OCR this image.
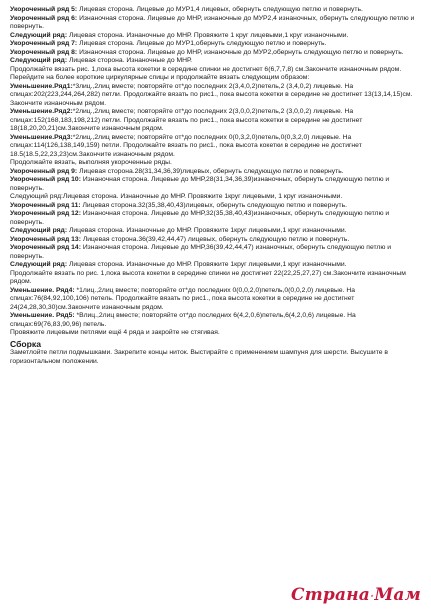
Укороченный ряд 5: Лицевая сторона. Лицевые до МУР1,4 лицевых, обернуть следующую петлю и повернуть.

Укороченный ряд 6: Изнаночная сторона. Лицевые до МНР, изнаночные до МУР2,4 изнаночных, обернуть следующую петлю и повернуть.

Следующий ряд: Лицевая сторона. Изнаночные до МНР. Провяжите 1 круг лицевыми,1 круг изнаночными.

Укороченный ряд 7: Лицевая сторона. Лицевые до МУР1,обернуть следующую петлю и повернуть.

Укороченный ряд 8: Изнаночная сторона. Лицевые до МНР, изнаночные до МУР2,обернуть следующую петлю и повернуть.

Следующий ряд: Лицевая сторона. Изнаночные до МНР.

Продолжайте вязать рис. 1,пока высота кокетки в середине спинки не достигнет 6(6,7,7,8) см.Закончите изнаночным рядом.

Перейдите на более короткие циркулярные спицы и продолжайте вязать следующим образом:

Уменьшение.Ряд1:*3лиц.,2лиц вместе; повторяйте от*до последних 2(3,4,0,2)петель,2 (3,4,0,2) лицевые. На спицах:202(223,244,264,282) петли. Продолжайте вязать по рис1., пока высота кокетки в середине не достигнет 13(13,14,15)см. Закончите изнаночным рядом.

Уменьшение.Ряд2:*2лиц.,2лиц вместе; повторяйте от*до последних 2(3,0,0,2)петель,2 (3,0,0,2) лицевые. На спицах:152(168,183,198,212) петли. Продолжайте вязать по рис1., пока высота кокетки в середине не достигнет 18(18,20,20,21)см.Закончите изнаночным рядом.

Уменьшение.Ряд3:*2лиц.,2лиц вместе; повторяйте от*до последних 0(0,3,2,0)петель,0(0,3,2,0) лицевые. На спицах:114(126,138,149,159) петли. Продолжайте вязать по рис1., пока высота кокетки в середине не достигнет 18.5(18.5,22,23,23)см.Закончите изнаночным рядом.

Продолжайте вязать, выполняя укороченные ряды.

Укороченный ряд 9: Лицевая сторона.28(31,34,36,39)лицевых, обернуть следующую петлю и повернуть.

Укороченный ряд 10: Изнаночная сторона. Лицевые до МНР,28(31,34,36,39)изнаночных, обернуть следующую петлю и повернуть.

Следующий ряд:Лицевая сторона. Изнаночные до МНР. Провяжите 1круг лицевыми, 1 круг изнаночными.

Укороченный ряд 11: Лицевая сторона.32(35,38,40,43)лицевых, обернуть следующую петлю и повернуть.

Укороченный ряд 12: Изнаночная сторона. Лицевые до МНР,32(35,38,40,43)изнаночных, обернуть следующую петлю и повернуть.

Следующий ряд: Лицевая сторона. Изнаночные до МНР. Провяжите 1круг лицевыми,1 круг изнаночными.

Укороченный ряд 13: Лицевая сторона.36(39,42,44,47) лицевых, обернуть следующую петлю и повернуть.

Укороченный ряд 14: Изнаночная сторона. Лицевые до МНР,36(39,42,44,47) изнаночных, обернуть следующую петлю и повернуть.

Следующий ряд: Лицевая сторона. Изнаночные до МНР. Провяжите 1круг лицевыми,1 круг изнаночными.

Продолжайте вязать по рис. 1,пока высота кокетки в середине спинки не достигнет 22(22,25,27,27) см.Закончите изнаночным рядом.

Уменьшение. Ряд4: *1лиц.,2лиц вместе; повторяйте от*до последних 0(0,0,2,0)петель,0(0,0,2,0) лицевые. На спицах:76(84,92,100,106) петель. Продолжайте вязать по рис1., пока высота кокетки в середине не достигнет 24(24,28,30,30)см.Закончите изнаночным рядом.

Уменьшение. Ряд5: *Влиц.,2лиц вместе; повторяйте от*до последних 6(4,2,0,6)петель,6(4,2,0,6) лицевые. На спицах:69(76,83,90,96) петель.

Провяжите лицевыми петлями ещё 4 ряда и закройте не стягивая.

Сборка

Заметлойте петли подмышками. Закрепите концы ниток. Выстирайте с применением шампуня для шерсти. Высушите в горизонтальном положении.

Страна·Мам
